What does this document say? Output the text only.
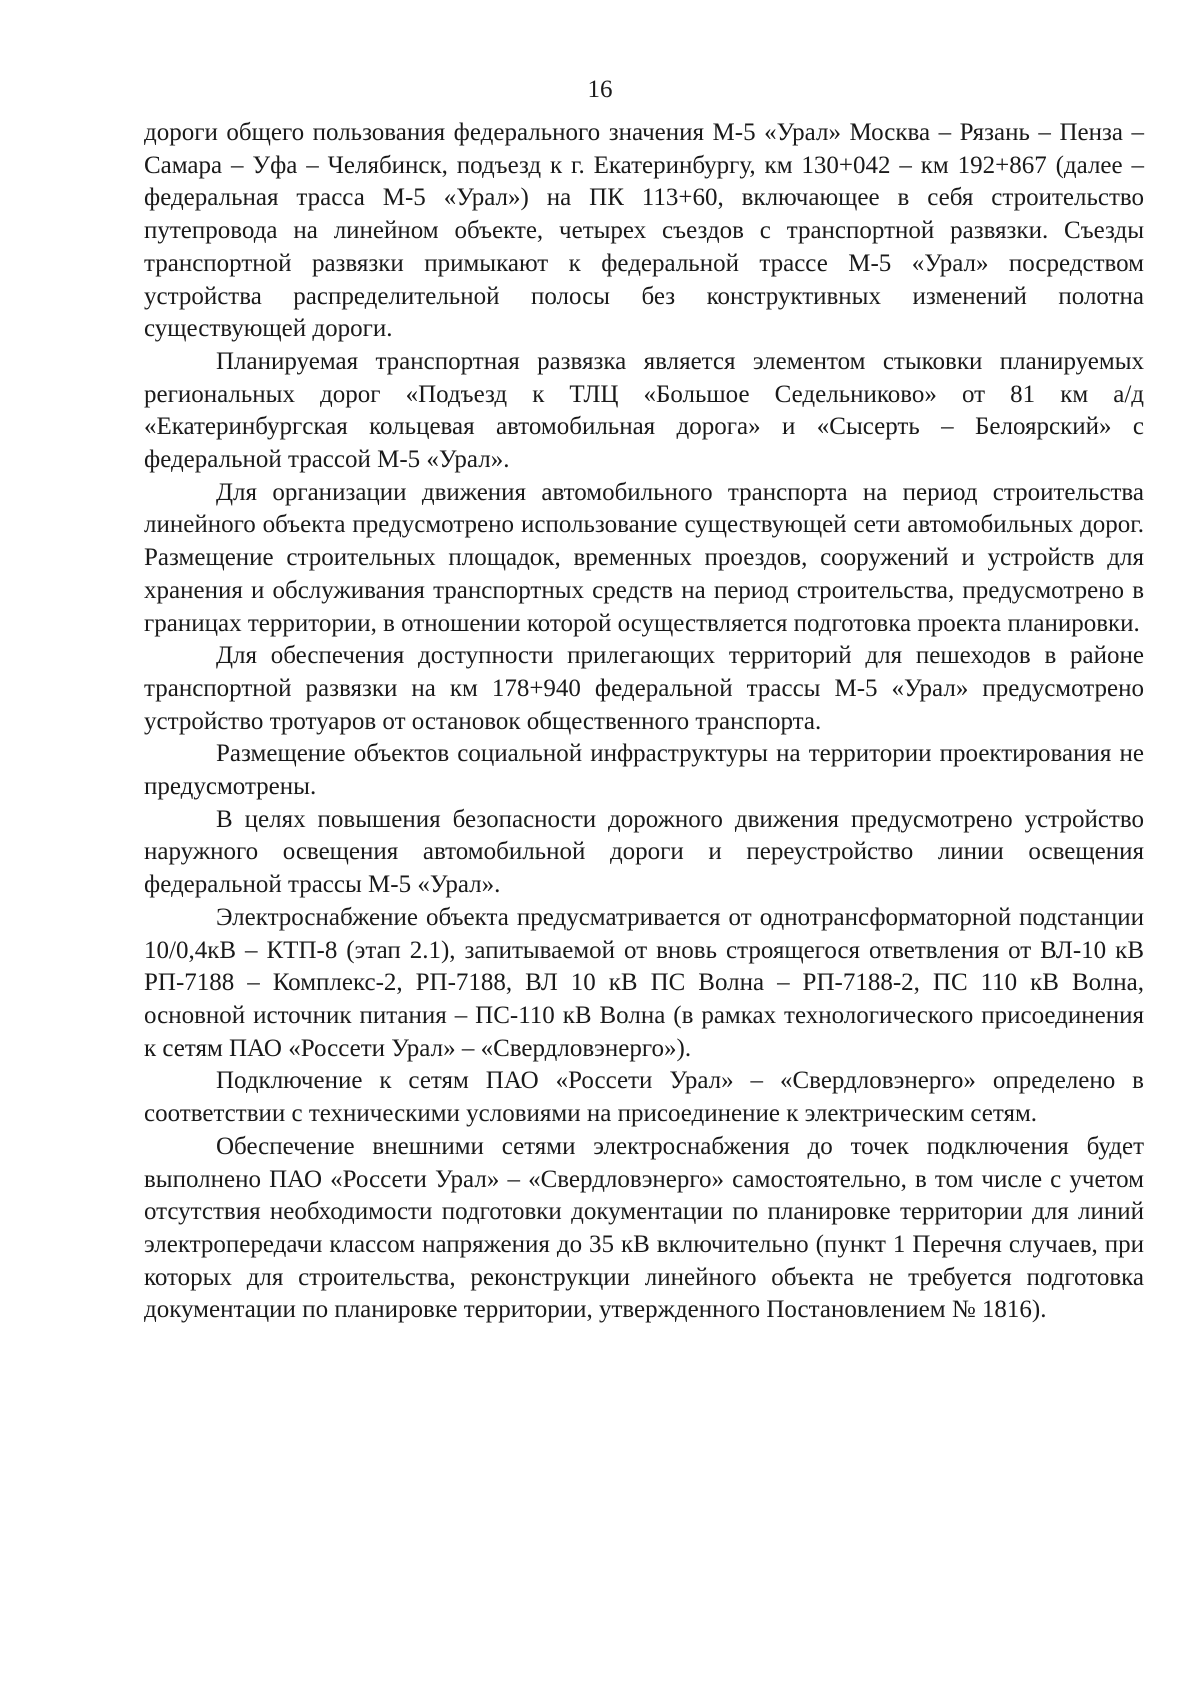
16

дороги общего пользования федерального значения М-5 «Урал» Москва – Рязань – Пенза – Самара – Уфа – Челябинск, подъезд к г. Екатеринбургу, км 130+042 – км 192+867 (далее – федеральная трасса М-5 «Урал») на ПК 113+60, включающее в себя строительство путепровода на линейном объекте, четырех съездов с транспортной развязки. Съезды транспортной развязки примыкают к федеральной трассе М-5 «Урал» посредством устройства распределительной полосы без конструктивных изменений полотна существующей дороги.

Планируемая транспортная развязка является элементом стыковки планируемых региональных дорог «Подъезд к ТЛЦ «Большое Седельниково» от 81 км а/д «Екатеринбургская кольцевая автомобильная дорога» и «Сысерть – Белоярский» с федеральной трассой М-5 «Урал».

Для организации движения автомобильного транспорта на период строительства линейного объекта предусмотрено использование существующей сети автомобильных дорог. Размещение строительных площадок, временных проездов, сооружений и устройств для хранения и обслуживания транспортных средств на период строительства, предусмотрено в границах территории, в отношении которой осуществляется подготовка проекта планировки.

Для обеспечения доступности прилегающих территорий для пешеходов в районе транспортной развязки на км 178+940 федеральной трассы М-5 «Урал» предусмотрено устройство тротуаров от остановок общественного транспорта.

Размещение объектов социальной инфраструктуры на территории проектирования не предусмотрены.

В целях повышения безопасности дорожного движения предусмотрено устройство наружного освещения автомобильной дороги и переустройство линии освещения федеральной трассы М-5 «Урал».

Электроснабжение объекта предусматривается от однотрансформаторной подстанции 10/0,4кВ – КТП-8 (этап 2.1), запитываемой от вновь строящегося ответвления от ВЛ-10 кВ РП-7188 – Комплекс-2, РП-7188, ВЛ 10 кВ ПС Волна – РП-7188-2, ПС 110 кВ Волна, основной источник питания – ПС-110 кВ Волна (в рамках технологического присоединения к сетям ПАО «Россети Урал» – «Свердловэнерго»).

Подключение к сетям ПАО «Россети Урал» – «Свердловэнерго» определено в соответствии с техническими условиями на присоединение к электрическим сетям.

Обеспечение внешними сетями электроснабжения до точек подключения будет выполнено ПАО «Россети Урал» – «Свердловэнерго» самостоятельно, в том числе с учетом отсутствия необходимости подготовки документации по планировке территории для линий электропередачи классом напряжения до 35 кВ включительно (пункт 1 Перечня случаев, при которых для строительства, реконструкции линейного объекта не требуется подготовка документации по планировке территории, утвержденного Постановлением № 1816).
